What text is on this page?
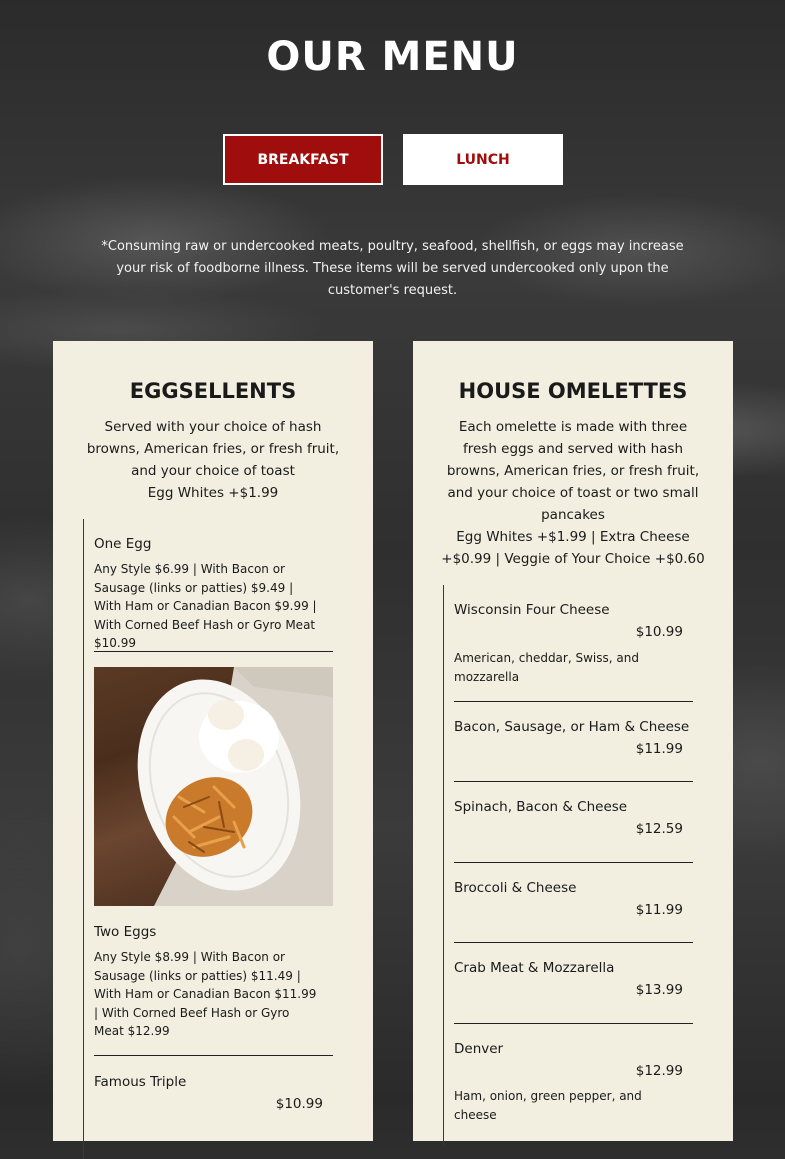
OUR MENU
BREAKFAST	LUNCH

*Consuming raw or undercooked meats, poultry, seafood, shellfish, or eggs may increase your risk of foodborne illness. These items will be served undercooked only upon the customer's request.

EGGSELLENTS

Served with your choice of hash browns, American fries, or fresh fruit, and your choice of toast

Egg Whites +$1.99

One Egg
Any Style $6.99 | With Bacon or Sausage (links or patties) $9.49 | With Ham or Canadian Bacon $9.99 | With Corned Beef Hash or Gyro Meat $10.99
Two Eggs
Any Style $8.99 | With Bacon or Sausage (links or patties) $11.49 | With Ham or Canadian Bacon $11.99 | With Corned Beef Hash or Gyro Meat $12.99
Famous Triple
$10.99
HOUSE OMELETTES

Each omelette is made with three fresh eggs and served with hash browns, American fries, or fresh fruit, and your choice of toast or two small pancakes

Egg Whites +$1.99 | Extra Cheese +$0.99 | Veggie of Your Choice +$0.60

Wisconsin Four Cheese
$10.99
American, cheddar, Swiss, and mozzarella
Bacon, Sausage, or Ham & Cheese
$11.99
Spinach, Bacon & Cheese
$12.59
Broccoli & Cheese
$11.99
Crab Meat & Mozzarella
$13.99
Denver
$12.99
Ham, onion, green pepper, and cheese
